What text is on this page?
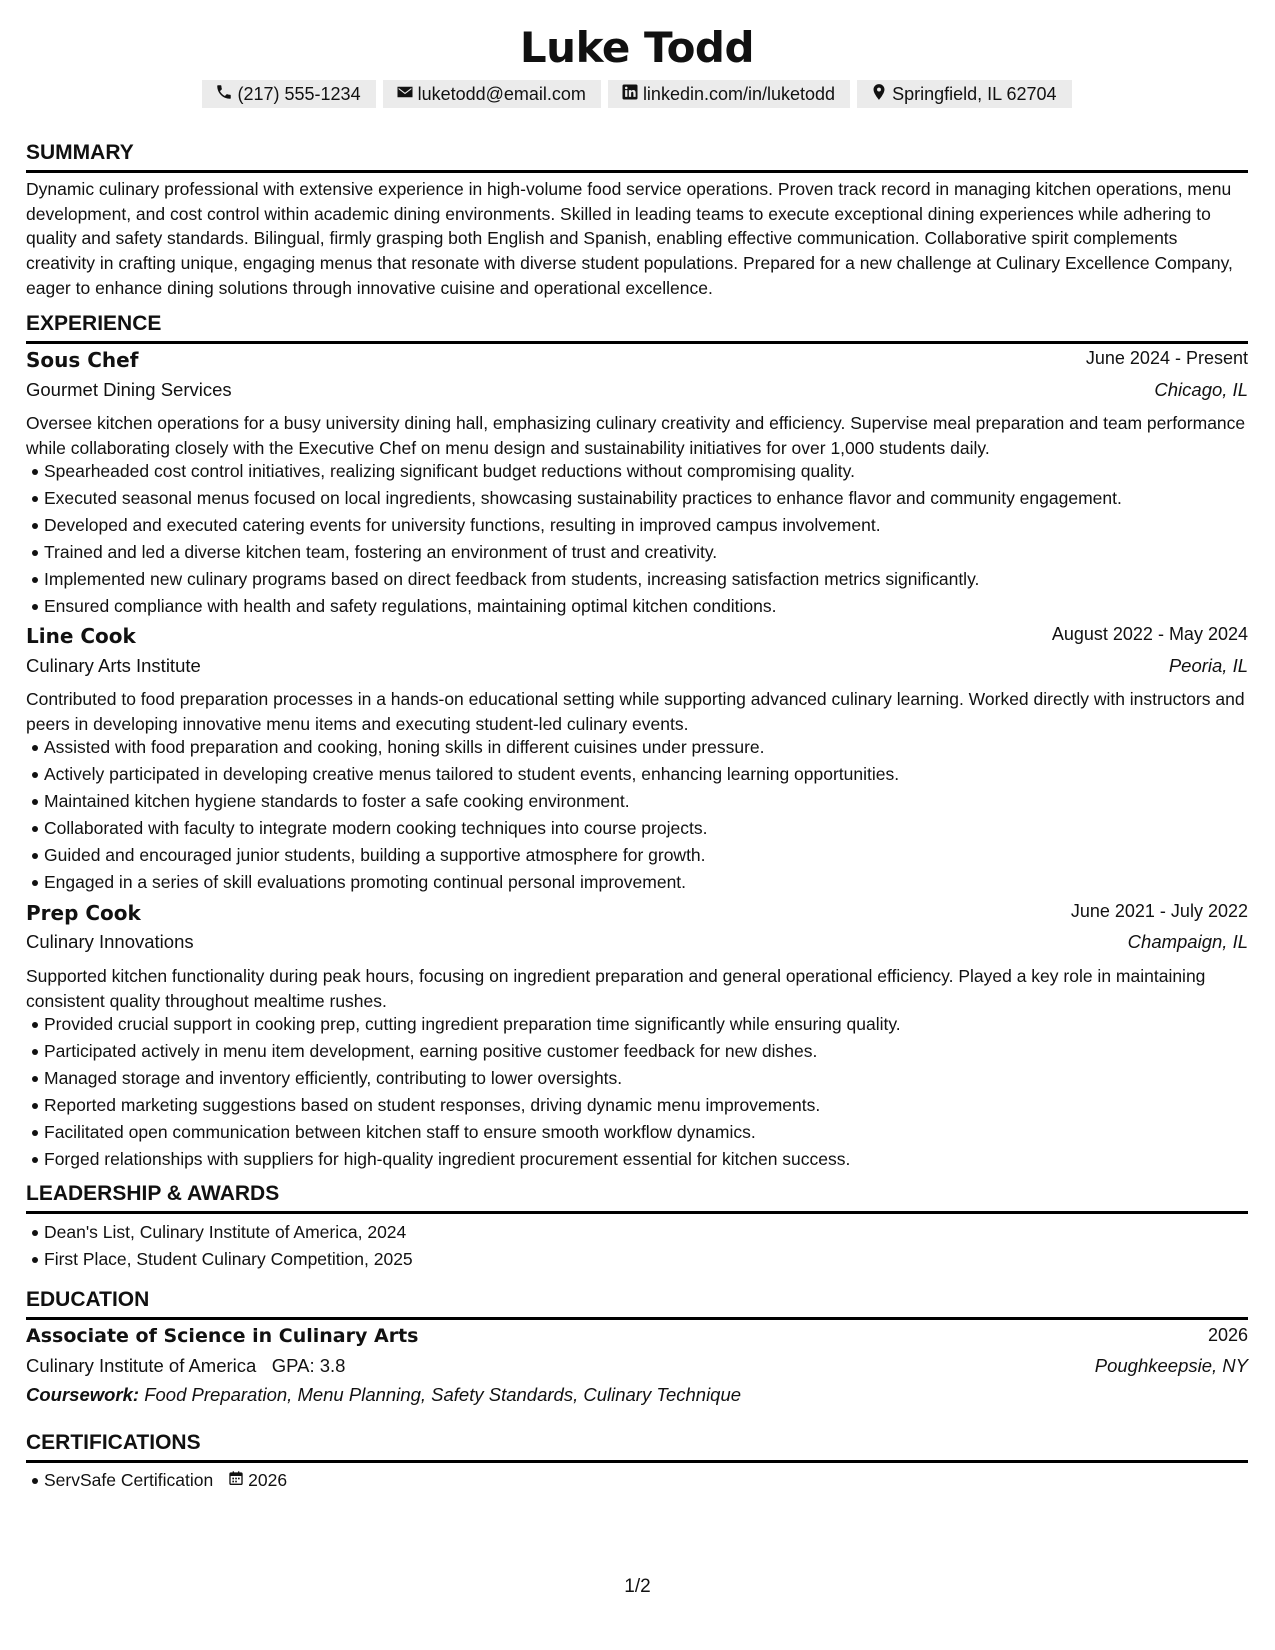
Luke Todd
(217) 555-1234	luketodd@email.com	linkedin.com/in/luketodd	Springfield, IL 62704
SUMMARY

Dynamic culinary professional with extensive experience in high-volume food service operations. Proven track record in managing kitchen operations, menu development, and cost control within academic dining environments. Skilled in leading teams to execute exceptional dining experiences while adhering to quality and safety standards. Bilingual, firmly grasping both English and Spanish, enabling effective communication. Collaborative spirit complements creativity in crafting unique, engaging menus that resonate with diverse student populations. Prepared for a new challenge at Culinary Excellence Company, eager to enhance dining solutions through innovative cuisine and operational excellence.

EXPERIENCE
Sous Chef	June 2024 - Present
Gourmet Dining Services	Chicago, IL

Oversee kitchen operations for a busy university dining hall, emphasizing culinary creativity and efficiency. Supervise meal preparation and team performance while collaborating closely with the Executive Chef on menu design and sustainability initiatives for over 1,000 students daily.

Spearheaded cost control initiatives, realizing significant budget reductions without compromising quality.
Executed seasonal menus focused on local ingredients, showcasing sustainability practices to enhance flavor and community engagement.
Developed and executed catering events for university functions, resulting in improved campus involvement.
Trained and led a diverse kitchen team, fostering an environment of trust and creativity.
Implemented new culinary programs based on direct feedback from students, increasing satisfaction metrics significantly.
Ensured compliance with health and safety regulations, maintaining optimal kitchen conditions.
Line Cook	August 2022 - May 2024
Culinary Arts Institute	Peoria, IL

Contributed to food preparation processes in a hands-on educational setting while supporting advanced culinary learning. Worked directly with instructors and peers in developing innovative menu items and executing student-led culinary events.

Assisted with food preparation and cooking, honing skills in different cuisines under pressure.
Actively participated in developing creative menus tailored to student events, enhancing learning opportunities.
Maintained kitchen hygiene standards to foster a safe cooking environment.
Collaborated with faculty to integrate modern cooking techniques into course projects.
Guided and encouraged junior students, building a supportive atmosphere for growth.
Engaged in a series of skill evaluations promoting continual personal improvement.
Prep Cook	June 2021 - July 2022
Culinary Innovations	Champaign, IL

Supported kitchen functionality during peak hours, focusing on ingredient preparation and general operational efficiency. Played a key role in maintaining consistent quality throughout mealtime rushes.

Provided crucial support in cooking prep, cutting ingredient preparation time significantly while ensuring quality.
Participated actively in menu item development, earning positive customer feedback for new dishes.
Managed storage and inventory efficiently, contributing to lower oversights.
Reported marketing suggestions based on student responses, driving dynamic menu improvements.
Facilitated open communication between kitchen staff to ensure smooth workflow dynamics.
Forged relationships with suppliers for high-quality ingredient procurement essential for kitchen success.
LEADERSHIP & AWARDS
Dean's List, Culinary Institute of America, 2024
First Place, Student Culinary Competition, 2025
EDUCATION
Associate of Science in Culinary Arts	2026
Culinary Institute of America GPA: 3.8	Poughkeepsie, NY
Coursework: Food Preparation, Menu Planning, Safety Standards, Culinary Technique
CERTIFICATIONS
ServSafe Certification 2026
1/2
